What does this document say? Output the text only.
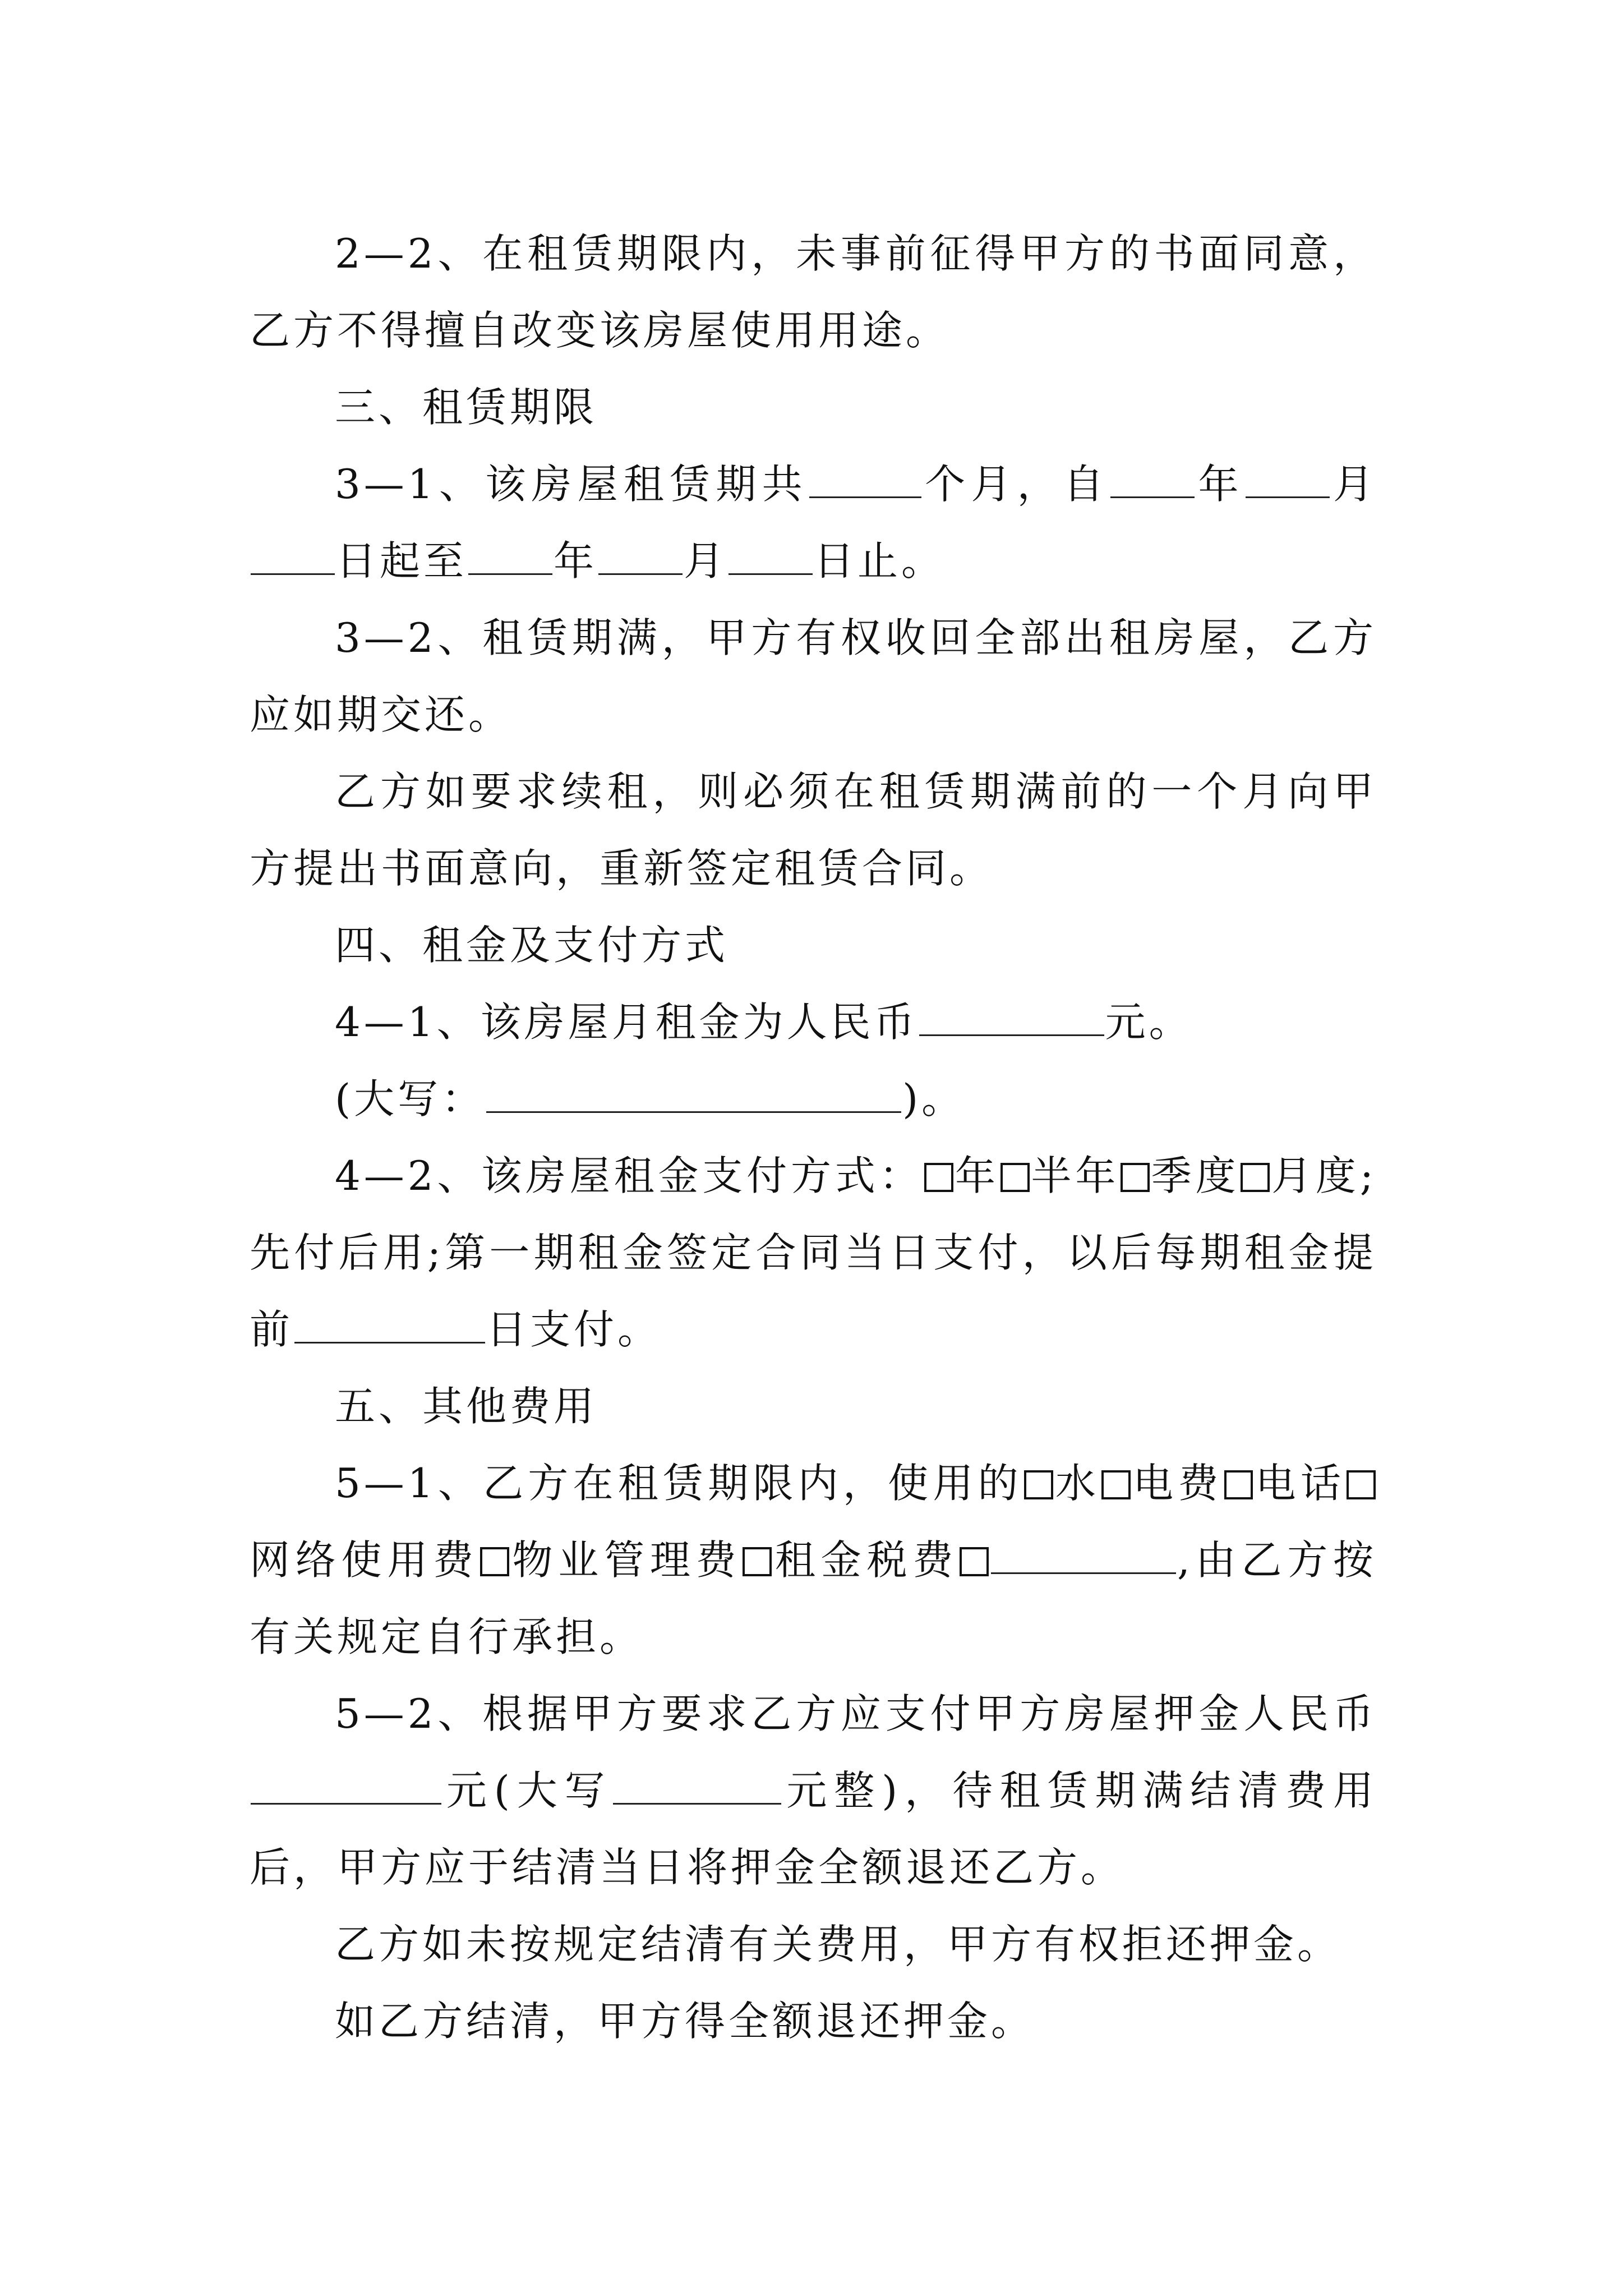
2—2、在租赁期限内，未事前征得甲方的书面同意，乙方不得擅自改变该房屋使用用途。

三、租赁期限

3—1、该房屋租赁期共	个月，自 年 月日起至 年 月 日止。

3—2、租赁期满，甲方有权收回全部出租房屋，乙方应如期交还。

乙方如要求续租，则必须在租赁期满前的一个月向甲方提出书面意向，重新签定租赁合同。

四、租金及支付方式

4—1、该房屋月租金为人民币	元。

(大写：	)。

4—2、该房屋租金支付方式： 年 半年 季度 月度;先付后用;第一期租金签定合同当日支付，以后每期租金提前	日支付。

五、其他费用

5—1、乙方在租赁期限内，使用的 水 电费 电话网络使用费 物业管理费 租金税费	,由乙方按有关规定自行承担。

5—2、根据甲方要求乙方应支付甲方房屋押金人民币元(大写	元整)，待租赁期满结清费用后，甲方应于结清当日将押金全额退还乙方。

乙方如未按规定结清有关费用，甲方有权拒还押金。

如乙方结清，甲方得全额退还押金。
